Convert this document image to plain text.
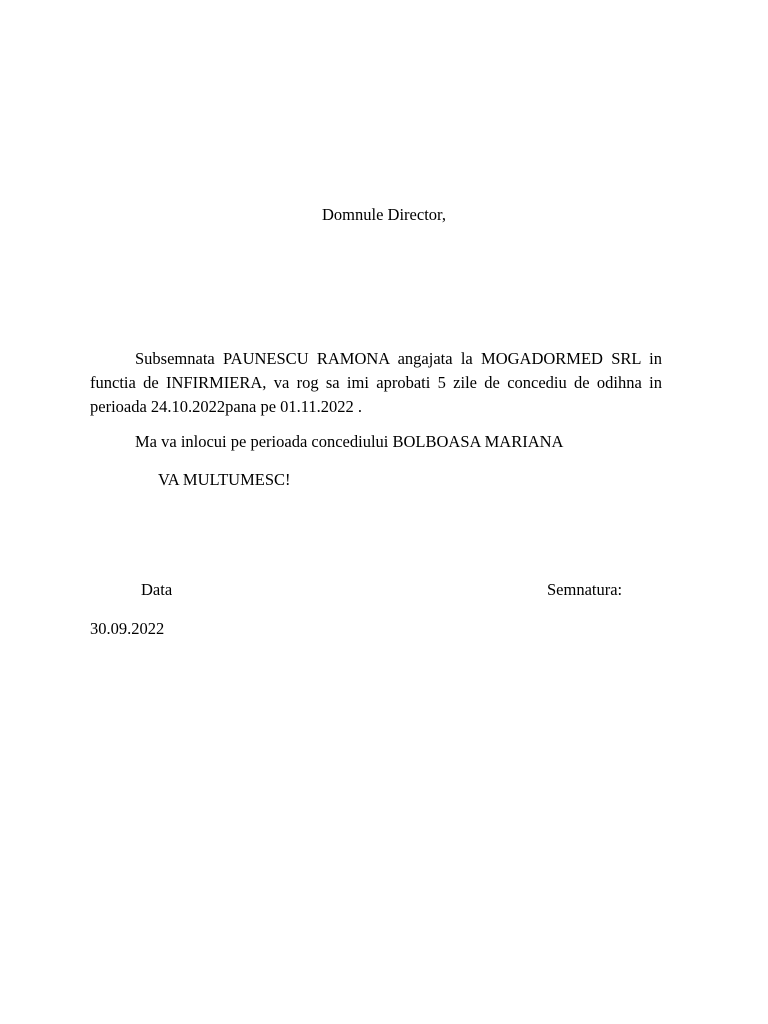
Domnule Director,

Subsemnata PAUNESCU RAMONA angajata la MOGADORMED SRL in functia de INFIRMIERA, va rog sa imi aprobati 5 zile de concediu de odihna in perioada 24.10.2022pana pe 01.11.2022 .

Ma va inlocui pe perioada concediului BOLBOASA MARIANA
VA MULTUMESC!
Data	Semnatura:
30.09.2022
